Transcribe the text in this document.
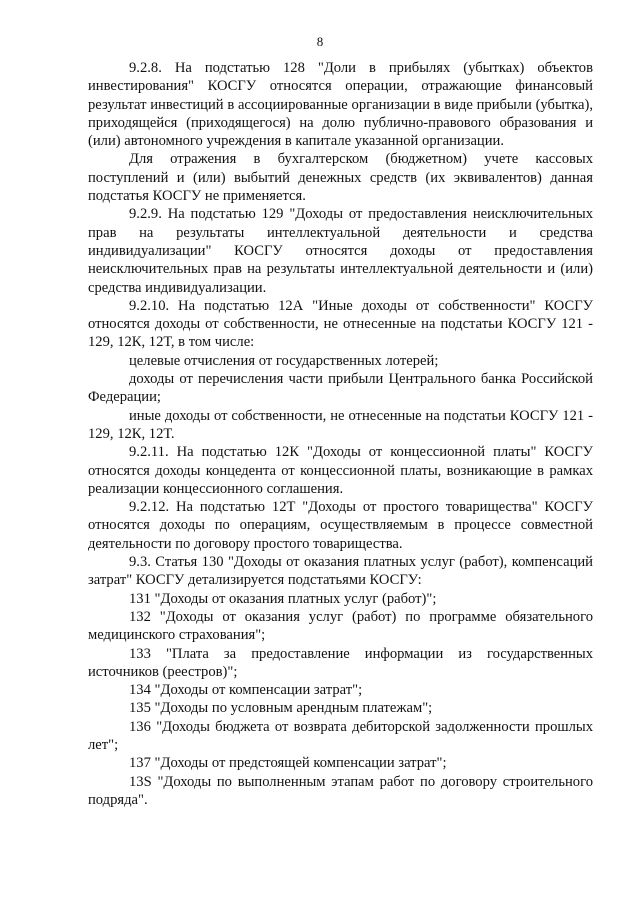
8

9.2.8. На подстатью 128 "Доли в прибылях (убытках) объектов инвестирования" КОСГУ относятся операции, отражающие финансовый результат инвестиций в ассоциированные организации в виде прибыли (убытка), приходящейся (приходящегося) на долю публично-правового образования и (или) автономного учреждения в капитале указанной организации.

Для отражения в бухгалтерском (бюджетном) учете кассовых поступлений и (или) выбытий денежных средств (их эквивалентов) данная подстатья КОСГУ не применяется.

9.2.9. На подстатью 129 "Доходы от предоставления неисключительных прав на результаты интеллектуальной деятельности и средства индивидуализации" КОСГУ относятся доходы от предоставления неисключительных прав на результаты интеллектуальной деятельности и (или) средства индивидуализации.

9.2.10. На подстатью 12А "Иные доходы от собственности" КОСГУ относятся доходы от собственности, не отнесенные на подстатьи КОСГУ 121 - 129, 12К, 12Т, в том числе:

целевые отчисления от государственных лотерей;

доходы от перечисления части прибыли Центрального банка Российской Федерации;

иные доходы от собственности, не отнесенные на подстатьи КОСГУ 121 - 129, 12К, 12Т.

9.2.11. На подстатью 12К "Доходы от концессионной платы" КОСГУ относятся доходы концедента от концессионной платы, возникающие в рамках реализации концессионного соглашения.

9.2.12. На подстатью 12Т "Доходы от простого товарищества" КОСГУ относятся доходы по операциям, осуществляемым в процессе совместной деятельности по договору простого товарищества.

9.3. Статья 130 "Доходы от оказания платных услуг (работ), компенсаций затрат" КОСГУ детализируется подстатьями КОСГУ:

131 "Доходы от оказания платных услуг (работ)";

132 "Доходы от оказания услуг (работ) по программе обязательного медицинского страхования";

133 "Плата за предоставление информации из государственных источников (реестров)";

134 "Доходы от компенсации затрат";

135 "Доходы по условным арендным платежам";

136 "Доходы бюджета от возврата дебиторской задолженности прошлых лет";

137 "Доходы от предстоящей компенсации затрат";

13S "Доходы по выполненным этапам работ по договору строительного подряда".
